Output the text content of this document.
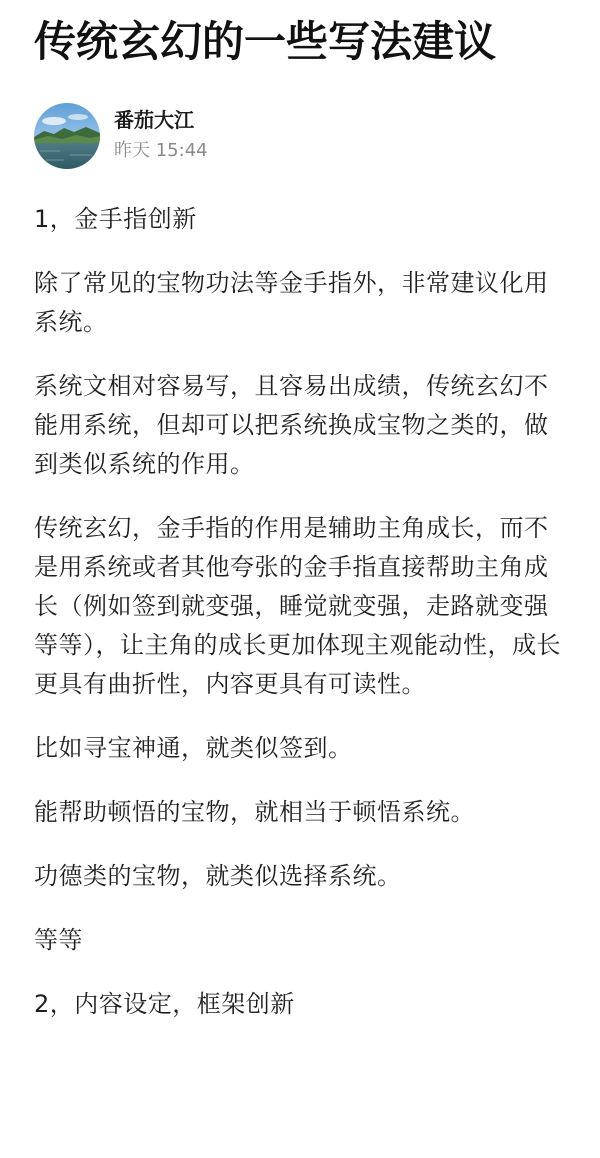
传统玄幻的一些写法建议
番茄大江
昨天 15:44

1，金手指创新

除了常见的宝物功法等金手指外，非常建议化用系统。

系统文相对容易写，且容易出成绩，传统玄幻不能用系统，但却可以把系统换成宝物之类的，做到类似系统的作用。

传统玄幻，金手指的作用是辅助主角成长，而不是用系统或者其他夸张的金手指直接帮助主角成长（例如签到就变强，睡觉就变强，走路就变强等等），让主角的成长更加体现主观能动性，成长更具有曲折性，内容更具有可读性。

比如寻宝神通，就类似签到。

能帮助顿悟的宝物，就相当于顿悟系统。

功德类的宝物，就类似选择系统。

等等

2，内容设定，框架创新
